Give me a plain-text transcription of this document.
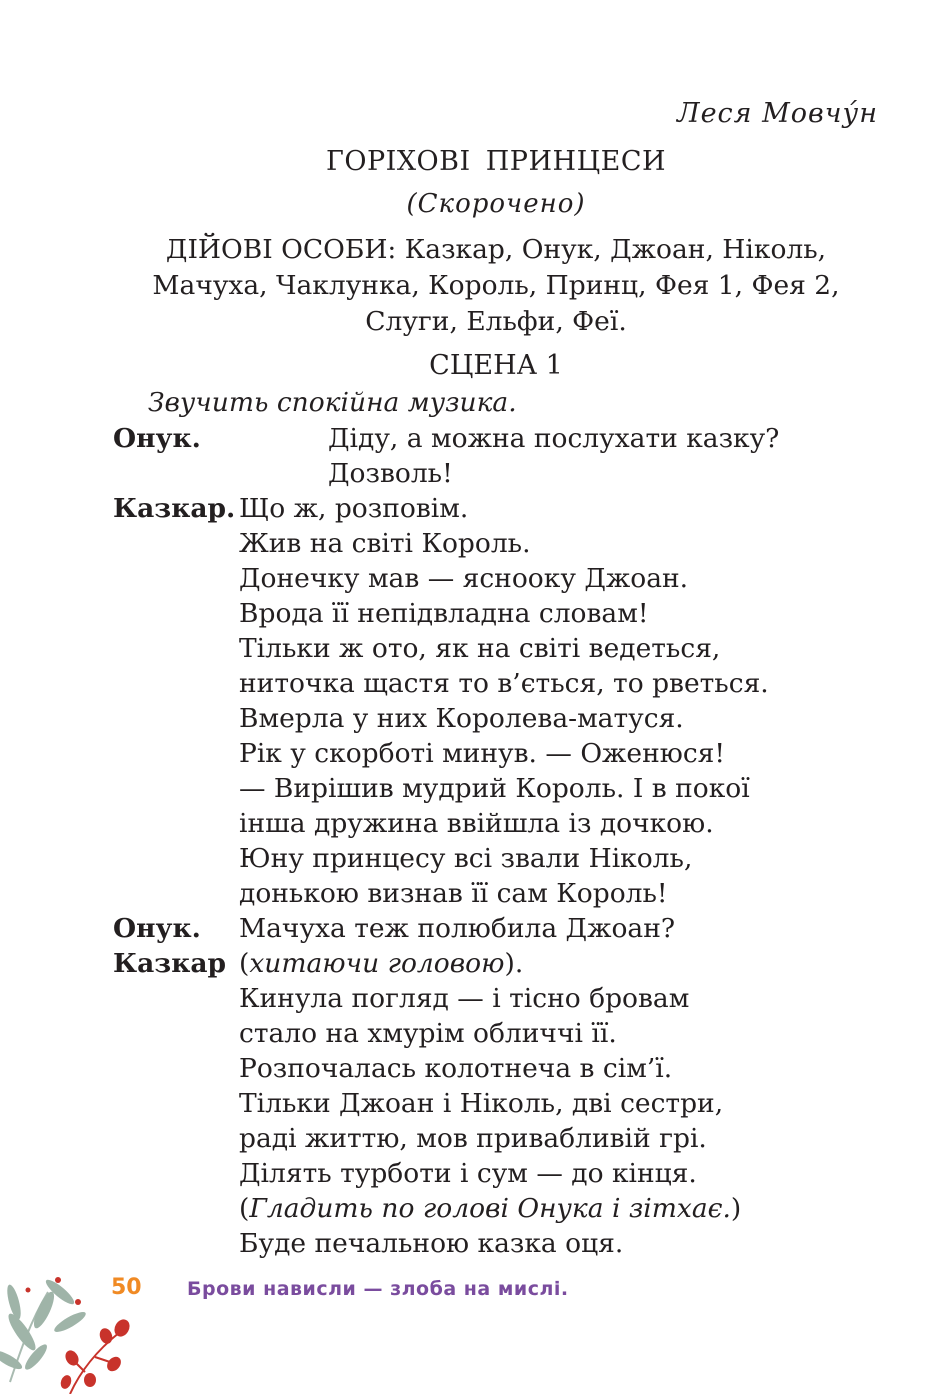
Леся Мовчу́н
ГОРІХОВІ ПРИНЦЕСИ
(Скорочено)
ДІЙОВІ ОСОБИ: Казкар, Онук, Джоан, Ніколь,
Мачуха, Чаклунка, Король, Принц, Фея 1, Фея 2,
Слуги, Ельфи, Феї.
СЦЕНА 1
Звучить спокійна музика.
Онук.
Казкар.
Онук.
Казкар
Діду, а можна послухати казку?
Дозволь!
Що ж, розповім.
Жив на світі Король.
Донечку мав — яснооку Джоан.
Врода її непідвладна словам!
Тільки ж ото, як на світі ведеться,
ниточка щастя то в’ється, то рветься.
Вмерла у них Королева-матуся.
Рік у скорботі минув. — Оженюся!
— Вирішив мудрий Король. І в покої
інша дружина ввійшла із дочкою.
Юну принцесу всі звали Ніколь,
донькою визнав її сам Король!
Мачуха теж полюбила Джоан?
(хитаючи головою).
Кинула погляд — і тісно бровам
стало на хмурім обличчі її.
Розпочалась колотнеча в сім’ї.
Тільки Джоан і Ніколь, дві сестри,
раді життю, мов привабливій грі.
Ділять турботи і сум — до кінця.
(Гладить по голові Онука і зітхає.)
Буде печальною казка оця.
50 Брови нависли — злоба на мислі.
